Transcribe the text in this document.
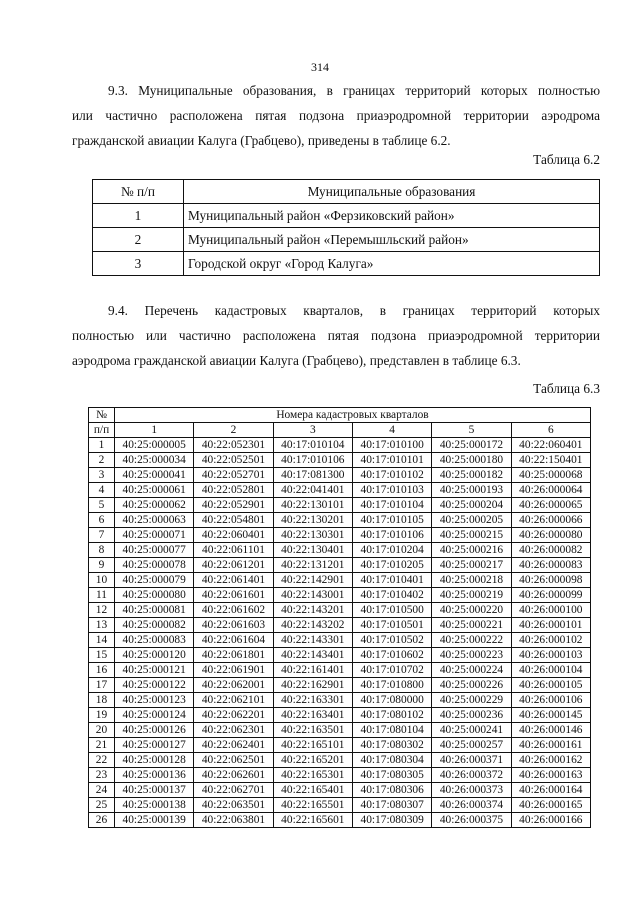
314

9.3. Муниципальные образования, в границах территорий которых полностью

или частично расположена пятая подзона приаэродромной территории аэродрома

гражданской авиации Калуга (Грабцево), приведены в таблице 6.2.

Таблица 6.2
№ п/п	Муниципальные образования
1	Муниципальный район «Ферзиковский район»
2	Муниципальный район «Перемышльский район»
3	Городской округ «Город Калуга»

9.4. Перечень кадастровых кварталов, в границах территорий которых

полностью или частично расположена пятая подзона приаэродромной территории

аэродрома гражданской авиации Калуга (Грабцево), представлен в таблице 6.3.

Таблица 6.3
№	Номера кадастровых кварталов					
п/п	1	2	3	4	5	6
1	40:25:000005	40:22:052301	40:17:010104	40:17:010100	40:25:000172	40:22:060401
2	40:25:000034	40:22:052501	40:17:010106	40:17:010101	40:25:000180	40:22:150401
3	40:25:000041	40:22:052701	40:17:081300	40:17:010102	40:25:000182	40:25:000068
4	40:25:000061	40:22:052801	40:22:041401	40:17:010103	40:25:000193	40:26:000064
5	40:25:000062	40:22:052901	40:22:130101	40:17:010104	40:25:000204	40:26:000065
6	40:25:000063	40:22:054801	40:22:130201	40:17:010105	40:25:000205	40:26:000066
7	40:25:000071	40:22:060401	40:22:130301	40:17:010106	40:25:000215	40:26:000080
8	40:25:000077	40:22:061101	40:22:130401	40:17:010204	40:25:000216	40:26:000082
9	40:25:000078	40:22:061201	40:22:131201	40:17:010205	40:25:000217	40:26:000083
10	40:25:000079	40:22:061401	40:22:142901	40:17:010401	40:25:000218	40:26:000098
11	40:25:000080	40:22:061601	40:22:143001	40:17:010402	40:25:000219	40:26:000099
12	40:25:000081	40:22:061602	40:22:143201	40:17:010500	40:25:000220	40:26:000100
13	40:25:000082	40:22:061603	40:22:143202	40:17:010501	40:25:000221	40:26:000101
14	40:25:000083	40:22:061604	40:22:143301	40:17:010502	40:25:000222	40:26:000102
15	40:25:000120	40:22:061801	40:22:143401	40:17:010602	40:25:000223	40:26:000103
16	40:25:000121	40:22:061901	40:22:161401	40:17:010702	40:25:000224	40:26:000104
17	40:25:000122	40:22:062001	40:22:162901	40:17:010800	40:25:000226	40:26:000105
18	40:25:000123	40:22:062101	40:22:163301	40:17:080000	40:25:000229	40:26:000106
19	40:25:000124	40:22:062201	40:22:163401	40:17:080102	40:25:000236	40:26:000145
20	40:25:000126	40:22:062301	40:22:163501	40:17:080104	40:25:000241	40:26:000146
21	40:25:000127	40:22:062401	40:22:165101	40:17:080302	40:25:000257	40:26:000161
22	40:25:000128	40:22:062501	40:22:165201	40:17:080304	40:26:000371	40:26:000162
23	40:25:000136	40:22:062601	40:22:165301	40:17:080305	40:26:000372	40:26:000163
24	40:25:000137	40:22:062701	40:22:165401	40:17:080306	40:26:000373	40:26:000164
25	40:25:000138	40:22:063501	40:22:165501	40:17:080307	40:26:000374	40:26:000165
26	40:25:000139	40:22:063801	40:22:165601	40:17:080309	40:26:000375	40:26:000166
